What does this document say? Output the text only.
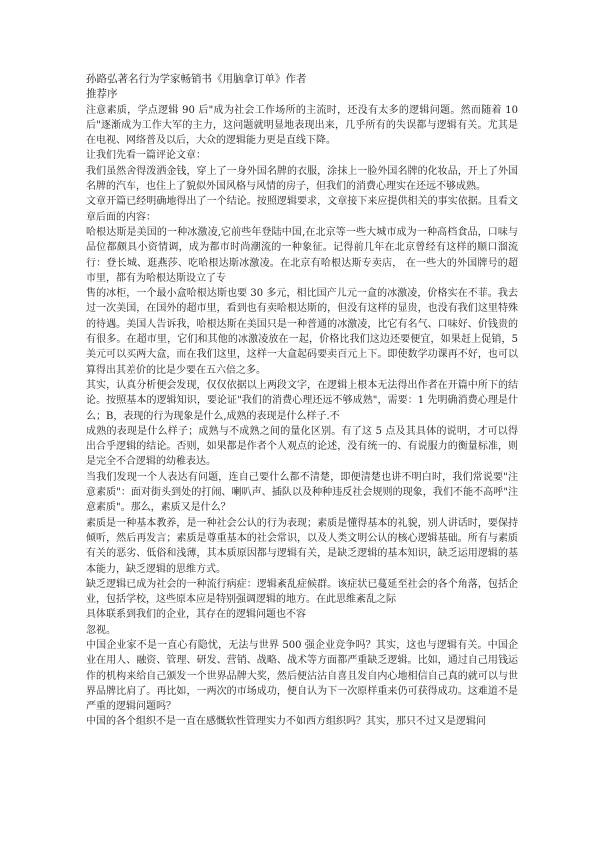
孙路弘著名行为学家畅销书《用脑拿订单》作者

推荐序

注意素质，学点逻辑 90 后"成为社会工作场所的主流时，还没有太多的逻辑问题。然而随着 10 后"逐渐成为工作大军的主力，这问题就明显地表现出来，几乎所有的失误都与逻辑有关。尤其是在电视、网络普及以后，大众的逻辑能力更是直线下降。

让我们先看一篇评论文章：

我们虽然舍得泼洒金钱，穿上了一身外国名牌的衣服，涂抹上一脸外国名牌的化妆品，开上了外国名牌的汽车，也住上了貌似外国风格与风情的房子，但我们的消费心理实在还远不够成熟。

文章开篇已经明确地得出了一个结论。按照逻辑要求，文章接下来应提供相关的事实依据。且看文章后面的内容：

哈根达斯是美国的一种冰激凌,它前些年登陆中国,在北京等一些大城市成为一种高档食品，口味与品位都颇具小资情调，成为都市时尚潮流的一种象征。记得前几年在北京曾经有这样的顺口溜流行：登长城、逛燕莎、吃哈根达斯冰激凌。在北京有哈根达斯专卖店， 在一些大的外国牌号的超市里，都有为哈根达斯设立了专

售的冰柜，一个最小盒哈根达斯也要 30 多元，相比国产儿元一盒的冰激凌，价格实在不菲。我去过一次美国，在国外的超市里，看到也有卖哈根达斯的，但没有这样的显贵，也没有我们这里特殊的待遇。美国人告诉我，哈根达斯在美国只是一种普通的冰激凌，比它有名气、口味好、价钱贵的有很多。在超市里，它们和其他的冰激凌放在一起，价格比我们这边还要便宜，如果赶上促销，5 美元可以买两大盒，而在我们这里，这样一大盒起码要卖百元上下。即使数学功课再不好，也可以算得出其差价的比是少要在五六倍之多。

其实，认真分析便会发现，仅仅依据以上两段文字，在逻辑上根本无法得出作者在开篇中所下的结论。按照基本的逻辑知识，要论证"我们的消费心理还远不够成熟"，需要：1 先明确消费心理是什么；B，表现的行为现象是什么,成熟的表现是什么样子.不

成熟的表现是什么样子；成熟与不成熟之间的量化区别。有了这 5 点及其具体的说明，才可以得出合乎逻辑的结论。否则，如果都是作者个人观点的论述，没有统一的、有说服力的衡量标准，则是完全不合逻辑的幼稚表达。

当我们发现一个人表达有问题，连自己要什么都不清楚，即便清楚也讲不明白时，我们常说要"注意素质"：面对街头到处的打闹、喇叭声、插队以及种种违反社会规则的现象，我们不能不高呼"注意素质"。那么，素质又是什么？

素质是一种基本教养，是一种社会公认的行为表现；素质是懂得基本的礼貌，别人讲话时，要保持倾听，然后再发言；素质是尊重基本的社会常识，以及人类文明公认的核心逻辑基础。所有与素质有关的恶劣、低俗和浅薄，其本质原因都与逻辑有关，是缺乏逻辑的基本知识，缺乏运用逻辑的基本能力，缺乏逻辑的思维方式。

缺乏逻辑已成为社会的一种流行病症：逻辑紊乱症候群。该症状已蔓延至社会的各个角落，包括企业，包括学校，这些原本应是特别强调逻辑的地方。在此思维紊乱之际

具体联系到我们的企业，其存在的逻辑问题也不容

忽视。

中国企业家不是一直心有隐忧，无法与世界 500 强企业竞争吗？其实，这也与逻辑有关。中国企业在用人、融资、管理、研发、营销、战略、战术等方面都严重缺乏逻辑。比如，通过自己用钱运作的机构来给自己颁发一个世界品牌大奖，然后便沾沾自喜且发自内心地相信自己真的就可以与世界品牌比肩了。再比如，一两次的市场成功，便自认为下一次原样重来仍可获得成功。这难道不是严重的逻辑问题吗？

中国的各个组织不是一直在感慨软性管理实力不如西方组织吗？其实，那只不过又是逻辑问
